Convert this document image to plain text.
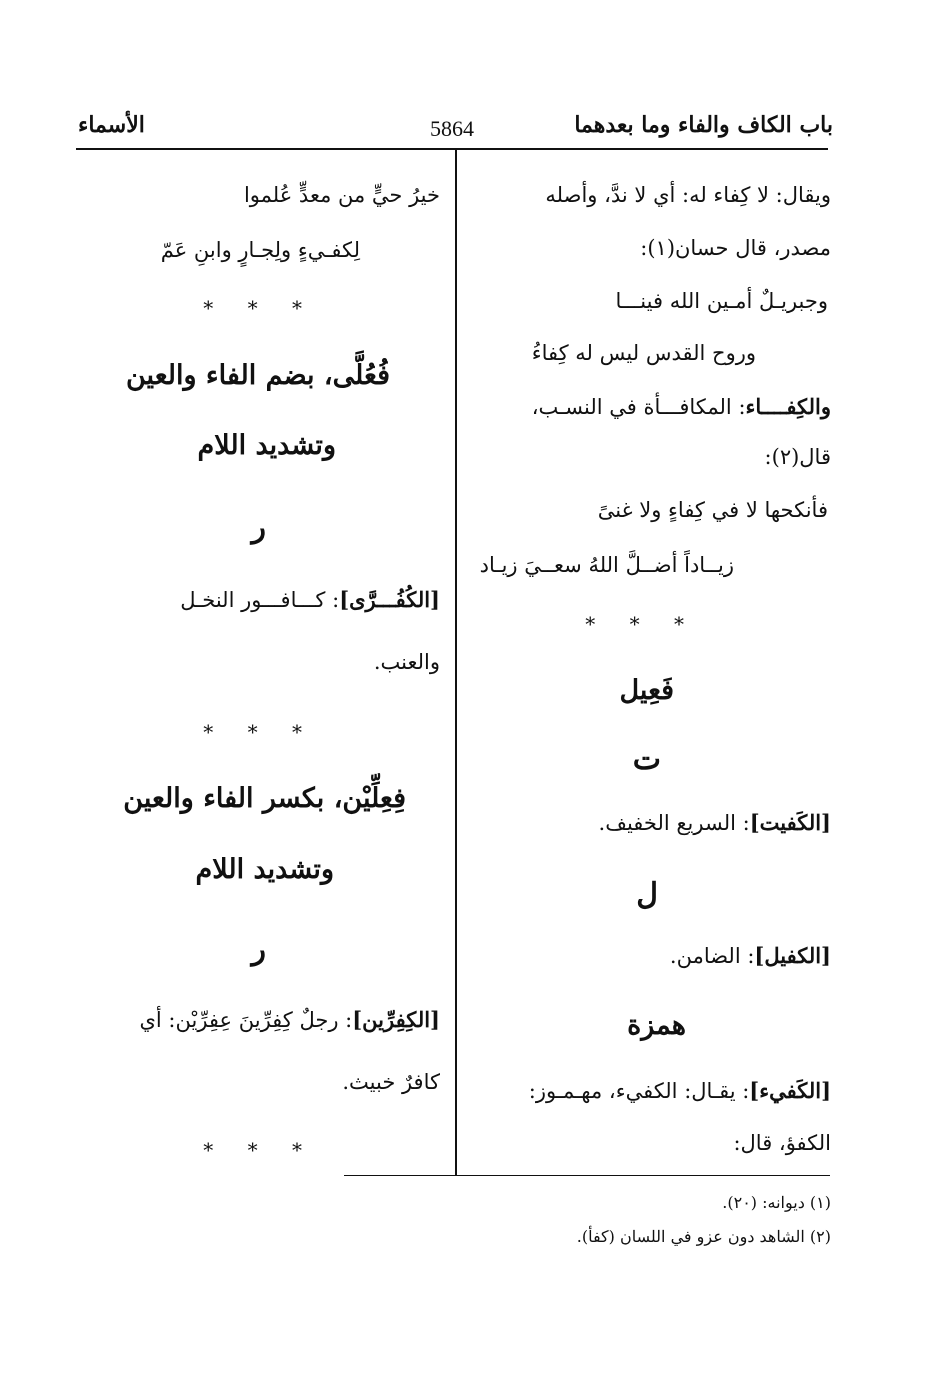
باب الكاف والفاء وما بعدهما
5864
الأسماء
ويقال: لا كِفاء له: أي لا ندَّ، وأصله
مصدر، قال حسان(١):
وجبريـلٌ أمـين الله فينـــا
وروح القدس ليس له كِفاءُ
والكِفــــاء: المكافـــأة في النسـب،
قال(٢):
فأنكحها لا في كِفاءٍ ولا غنىً
زيــاداً أضــلَّ اللهُ سعــيَ زيـاد
* * *
فَعِيل
ت
[الكَفيت]: السريع الخفيف.
ل
[الكفيل]: الضامن.
همزة
[الكَفيء]: يقـال: الكفيء، مهـمـوز:
الكفؤ، قال:
خيرُ حيٍّ من معدٍّ عُلموا
لِكفـيءٍ ولِجـارٍ وابنِ عَمّ
* * *
فُعُلَّى، بضم الفاء والعين
وتشديد اللام
ر
[الكُفُـــرَّى]: كـــافـــور النخـل
والعنب.
* * *
فِعِلِّيْن، بكسر الفاء والعين
وتشديد اللام
ر
[الكِفِرِّين]: رجلٌ كِفِرِّينَ عِفِرِّيْن: أي
كافرٌ خبيث.
* * *
(١) ديوانه: (٢٠).
(٢) الشاهد دون عزو في اللسان (كفأ).
